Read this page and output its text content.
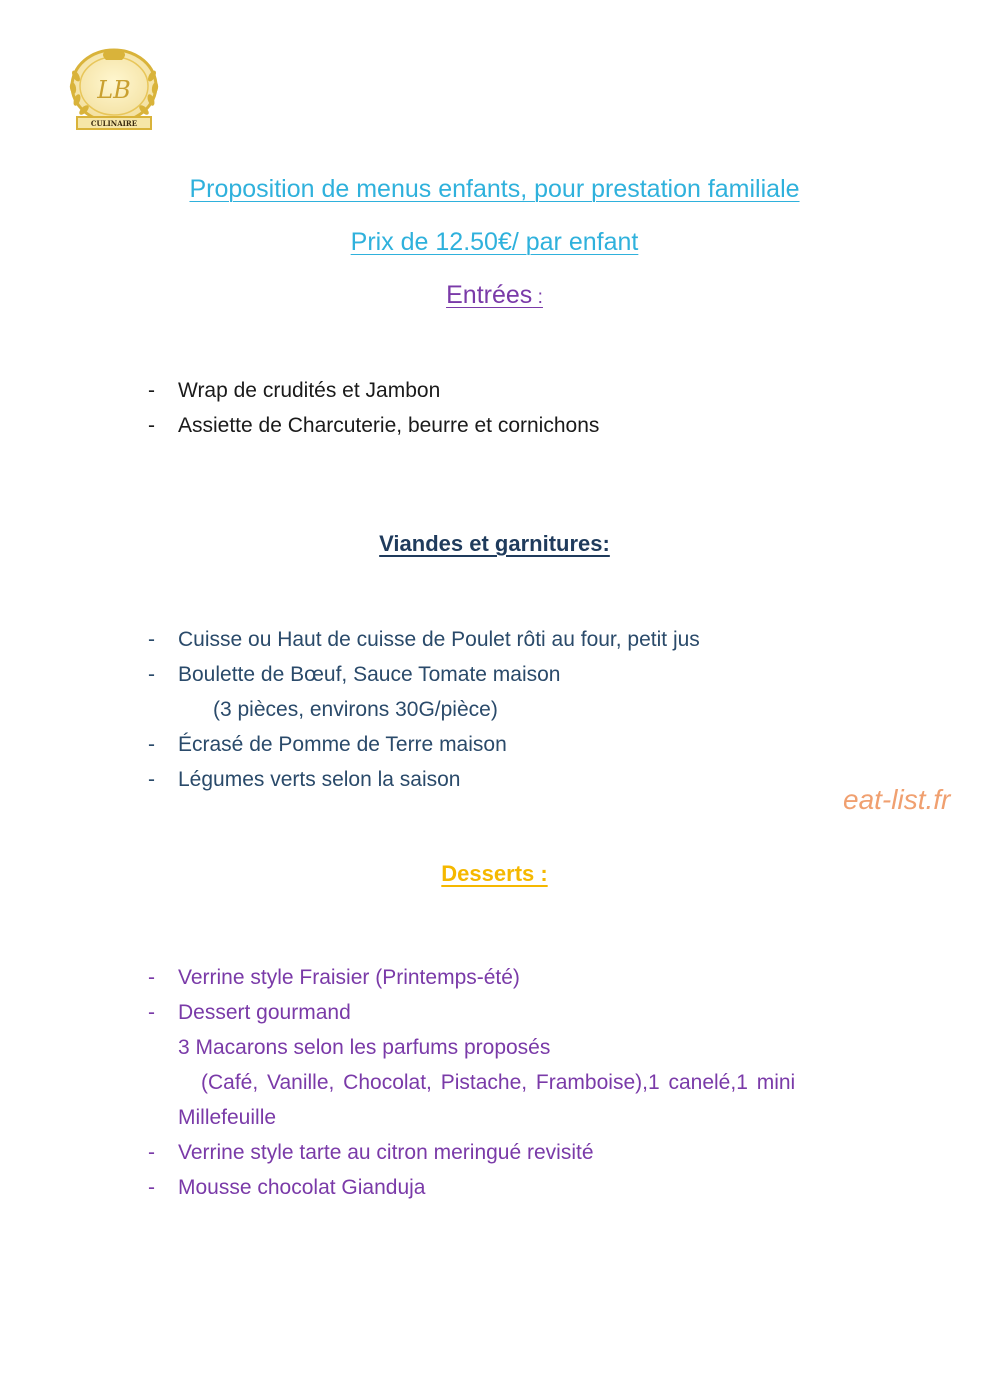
LB
CULINAIRE
Proposition de menus enfants, pour prestation familiale
Prix de 12.50€/ par enfant
Entrées :
- Wrap de crudités et Jambon
- Assiette de Charcuterie, beurre et cornichons
Viandes et garnitures:
- Cuisse ou Haut de cuisse de Poulet rôti au four, petit jus
- Boulette de Bœuf, Sauce Tomate maison
(3 pièces, environs 30G/pièce)
- Écrasé de Pomme de Terre maison
- Légumes verts selon la saison
eat-list.fr
Desserts :
- Verrine style Fraisier (Printemps-été)
- Dessert gourmand
3 Macarons selon les parfums proposés
(Café, Vanille, Chocolat, Pistache, Framboise),1 canelé,1 mini
Millefeuille
- Verrine style tarte au citron meringué revisité
- Mousse chocolat Gianduja
